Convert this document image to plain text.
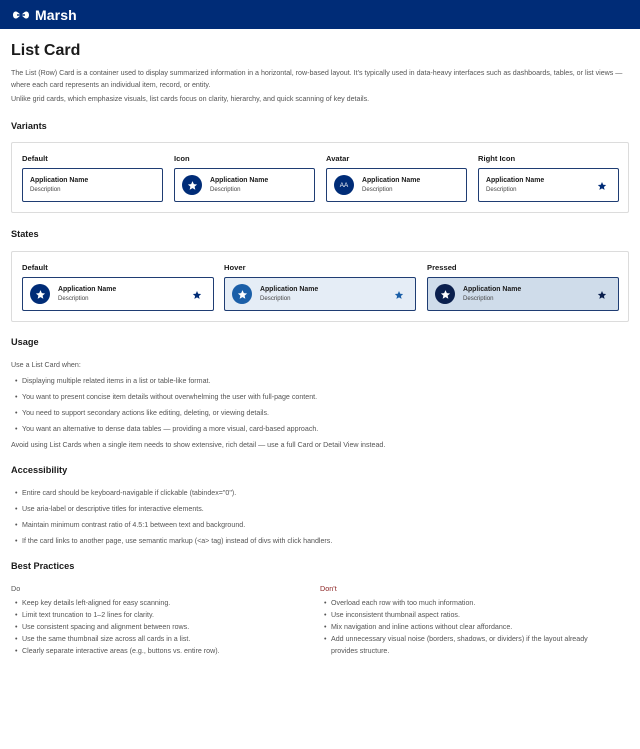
Marsh
List Card
The List (Row) Card is a container used to display summarized information in a horizontal, row-based layout. It’s typically used in data-heavy interfaces such as dashboards, tables, or list views — where each card represents an individual item, record, or entity.
Unlike grid cards, which emphasize visuals, list cards focus on clarity, hierarchy, and quick scanning of key details.
Variants
Default
Application Name
Description
Icon
Application Name
Description
Avatar
AA
Application Name
Description
Right Icon
Application Name
Description
States
Default
Application Name
Description
Hover
Application Name
Description
Pressed
Application Name
Description
Usage
Use a List Card when:
• Displaying multiple related items in a list or table-like format.
• You want to present concise item details without overwhelming the user with full-page content.
• You need to support secondary actions like editing, deleting, or viewing details.
• You want an alternative to dense data tables — providing a more visual, card-based approach.
Avoid using List Cards when a single item needs to show extensive, rich detail — use a full Card or Detail View instead.
Accessibility
• Entire card should be keyboard-navigable if clickable (tabindex="0").
• Use aria-label or descriptive titles for interactive elements.
• Maintain minimum contrast ratio of 4.5:1 between text and background.
• If the card links to another page, use semantic markup (<a> tag) instead of divs with click handlers.
Best Practices
Do
• Keep key details left-aligned for easy scanning.
• Limit text truncation to 1–2 lines for clarity.
• Use consistent spacing and alignment between rows.
• Use the same thumbnail size across all cards in a list.
• Clearly separate interactive areas (e.g., buttons vs. entire row).
Don’t
• Overload each row with too much information.
• Use inconsistent thumbnail aspect ratios.
• Mix navigation and inline actions without clear affordance.
• Add unnecessary visual noise (borders, shadows, or dividers) if the layout already
provides structure.
